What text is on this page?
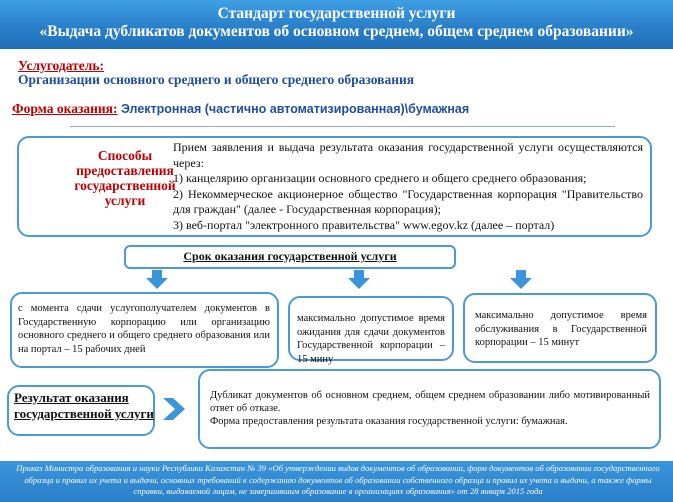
Стандарт государственной услуги
«Выдача дубликатов документов об основном среднем, общем среднем образовании»
Услугодатель:
Организации основного среднего и общего среднего образования
Форма оказания: Электронная (частично автоматизированная)\бумажная
Способы предоставления государственной услуги
Прием заявления и выдача результата оказания государственной услуги осуществляются через:
1) канцелярию организации основного среднего и общего среднего образования;
2) Некоммерческое акционерное общество "Государственная корпорация "Правительство для граждан" (далее - Государственная корпорация);
3) веб-портал "электронного правительства" www.egov.kz (далее – портал)
Срок оказания государственной услуги
с момента сдачи услугополучателем документов в Государственную корпорацию или организацию основного среднего и общего среднего образования или на портал – 15 рабочих дней
максимально допустимое время ожидания для сдачи документов Государственной корпорации – 15 мину
максимально допустимое время обслуживания в Государственной корпорации – 15 минут
Результат оказания государственной услуги
Дубликат документов об основном среднем, общем среднем образовании либо мотивированный ответ об отказе.
Форма предоставления результата оказания государственной услуги: бумажная.
Приказ Министра образования и науки Республики Казахстан № 39 «Об утверждении видов документов об образовании, форм документов об образовании государственного образца и правил их учета и выдачи, основных требований к содержанию документов об образовании собственного образца и правил их учета и выдачи, а также формы справки, выдаваемой лицам, не завершившим образование в организациях образования» от 28 января 2015 года
